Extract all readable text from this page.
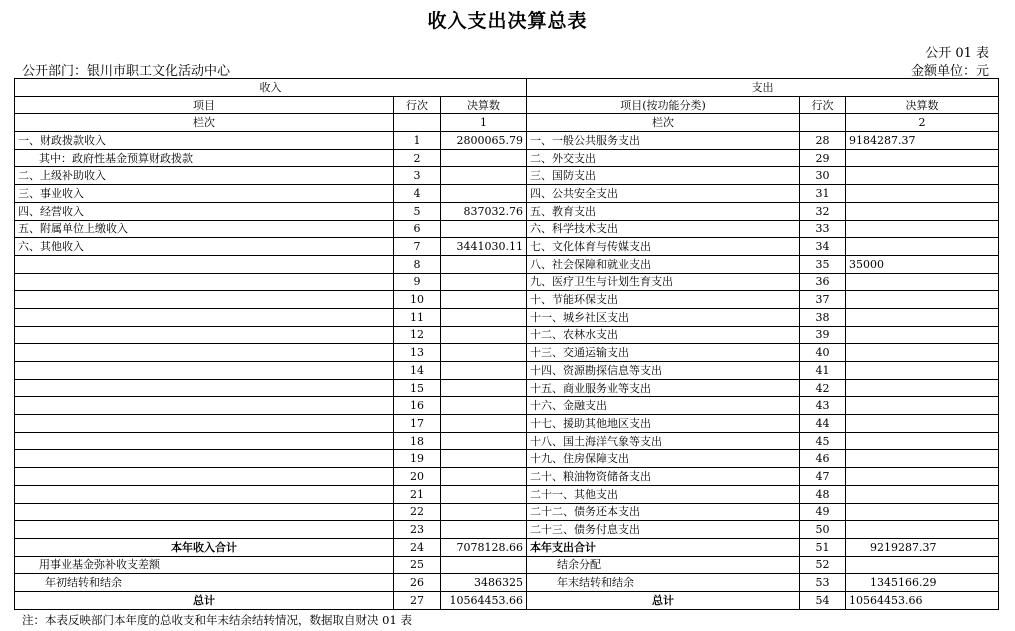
收入支出决算总表
公开 01 表
公开部门：银川市职工文化活动中心	金额单位：元
收入			支出		
项目	行次	决算数	项目(按功能分类)	行次	决算数
栏次		1	栏次		2
一、财政拨款收入	1	2800065.79	一、一般公共服务支出	28	9184287.37
其中：政府性基金预算财政拨款	2		二、外交支出	29	
二、上级补助收入	3		三、国防支出	30	
三、事业收入	4		四、公共安全支出	31	
四、经营收入	5	837032.76	五、教育支出	32	
五、附属单位上缴收入	6		六、科学技术支出	33	
六、其他收入	7	3441030.11	七、文化体育与传媒支出	34	
	8		八、社会保障和就业支出	35	35000
	9		九、医疗卫生与计划生育支出	36	
	10		十、节能环保支出	37	
	11		十一、城乡社区支出	38	
	12		十二、农林水支出	39	
	13		十三、交通运输支出	40	
	14		十四、资源勘探信息等支出	41	
	15		十五、商业服务业等支出	42	
	16		十六、金融支出	43	
	17		十七、援助其他地区支出	44	
	18		十八、国土海洋气象等支出	45	
	19		十九、住房保障支出	46	
	20		二十、粮油物资储备支出	47	
	21		二十一、其他支出	48	
	22		二十二、债务还本支出	49	
	23		二十三、债务付息支出	50	
本年收入合计	24	7078128.66	本年支出合计	51	9219287.37
用事业基金弥补收支差额	25		结余分配	52	
年初结转和结余	26	3486325	年末结转和结余	53	1345166.29
总计	27	10564453.66	总计	54	10564453.66
注：本表反映部门本年度的总收支和年末结余结转情况，数据取自财决 01 表
